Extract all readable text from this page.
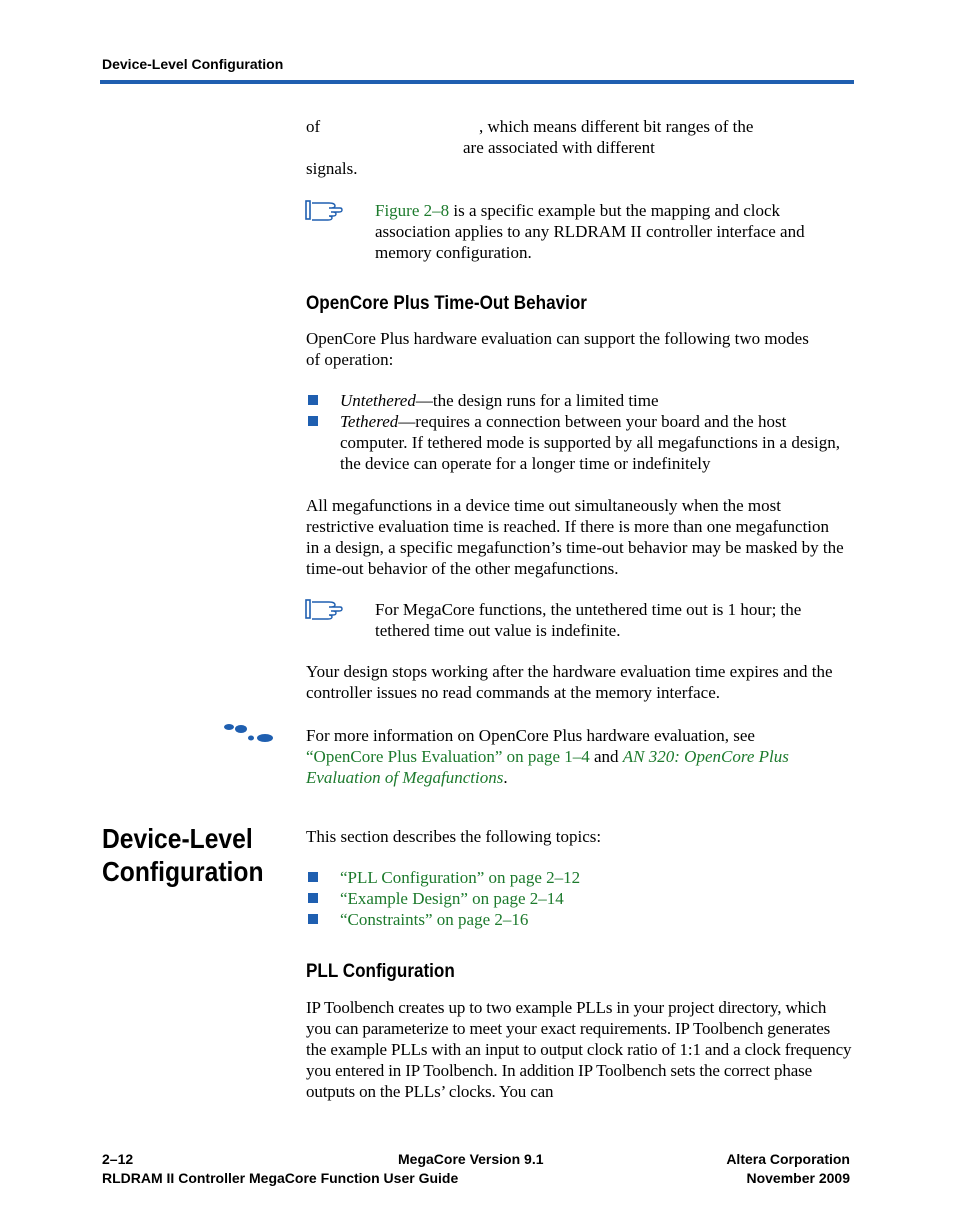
Device-Level Configuration
of	, which means different bit ranges of the
are associated with different
signals.
Figure 2–8 is a specific example but the mapping and clock association applies to any RLDRAM II controller interface and memory configuration.
OpenCore Plus Time-Out Behavior
OpenCore Plus hardware evaluation can support the following two modes of operation:
Untethered—the design runs for a limited time
Tethered—requires a connection between your board and the host computer. If tethered mode is supported by all megafunctions in a design, the device can operate for a longer time or indefinitely
All megafunctions in a device time out simultaneously when the most restrictive evaluation time is reached. If there is more than one megafunction in a design, a specific megafunction’s time-out behavior may be masked by the time-out behavior of the other megafunctions.
For MegaCore functions, the untethered time out is 1 hour; the tethered time out value is indefinite.
Your design stops working after the hardware evaluation time expires and the controller issues no read commands at the memory interface.
For more information on OpenCore Plus hardware evaluation, see “OpenCore Plus Evaluation” on page 1–4 and AN 320: OpenCore Plus Evaluation of Megafunctions.
Device-Level
Configuration
This section describes the following topics:
“PLL Configuration” on page 2–12
“Example Design” on page 2–14
“Constraints” on page 2–16
PLL Configuration
IP Toolbench creates up to two example PLLs in your project directory, which you can parameterize to meet your exact requirements. IP Toolbench generates the example PLLs with an input to output clock ratio of 1:1 and a clock frequency you entered in IP Toolbench. In addition IP Toolbench sets the correct phase outputs on the PLLs’ clocks. You can
2–12	MegaCore Version 9.1	Altera Corporation
RLDRAM II Controller MegaCore Function User Guide	November 2009
